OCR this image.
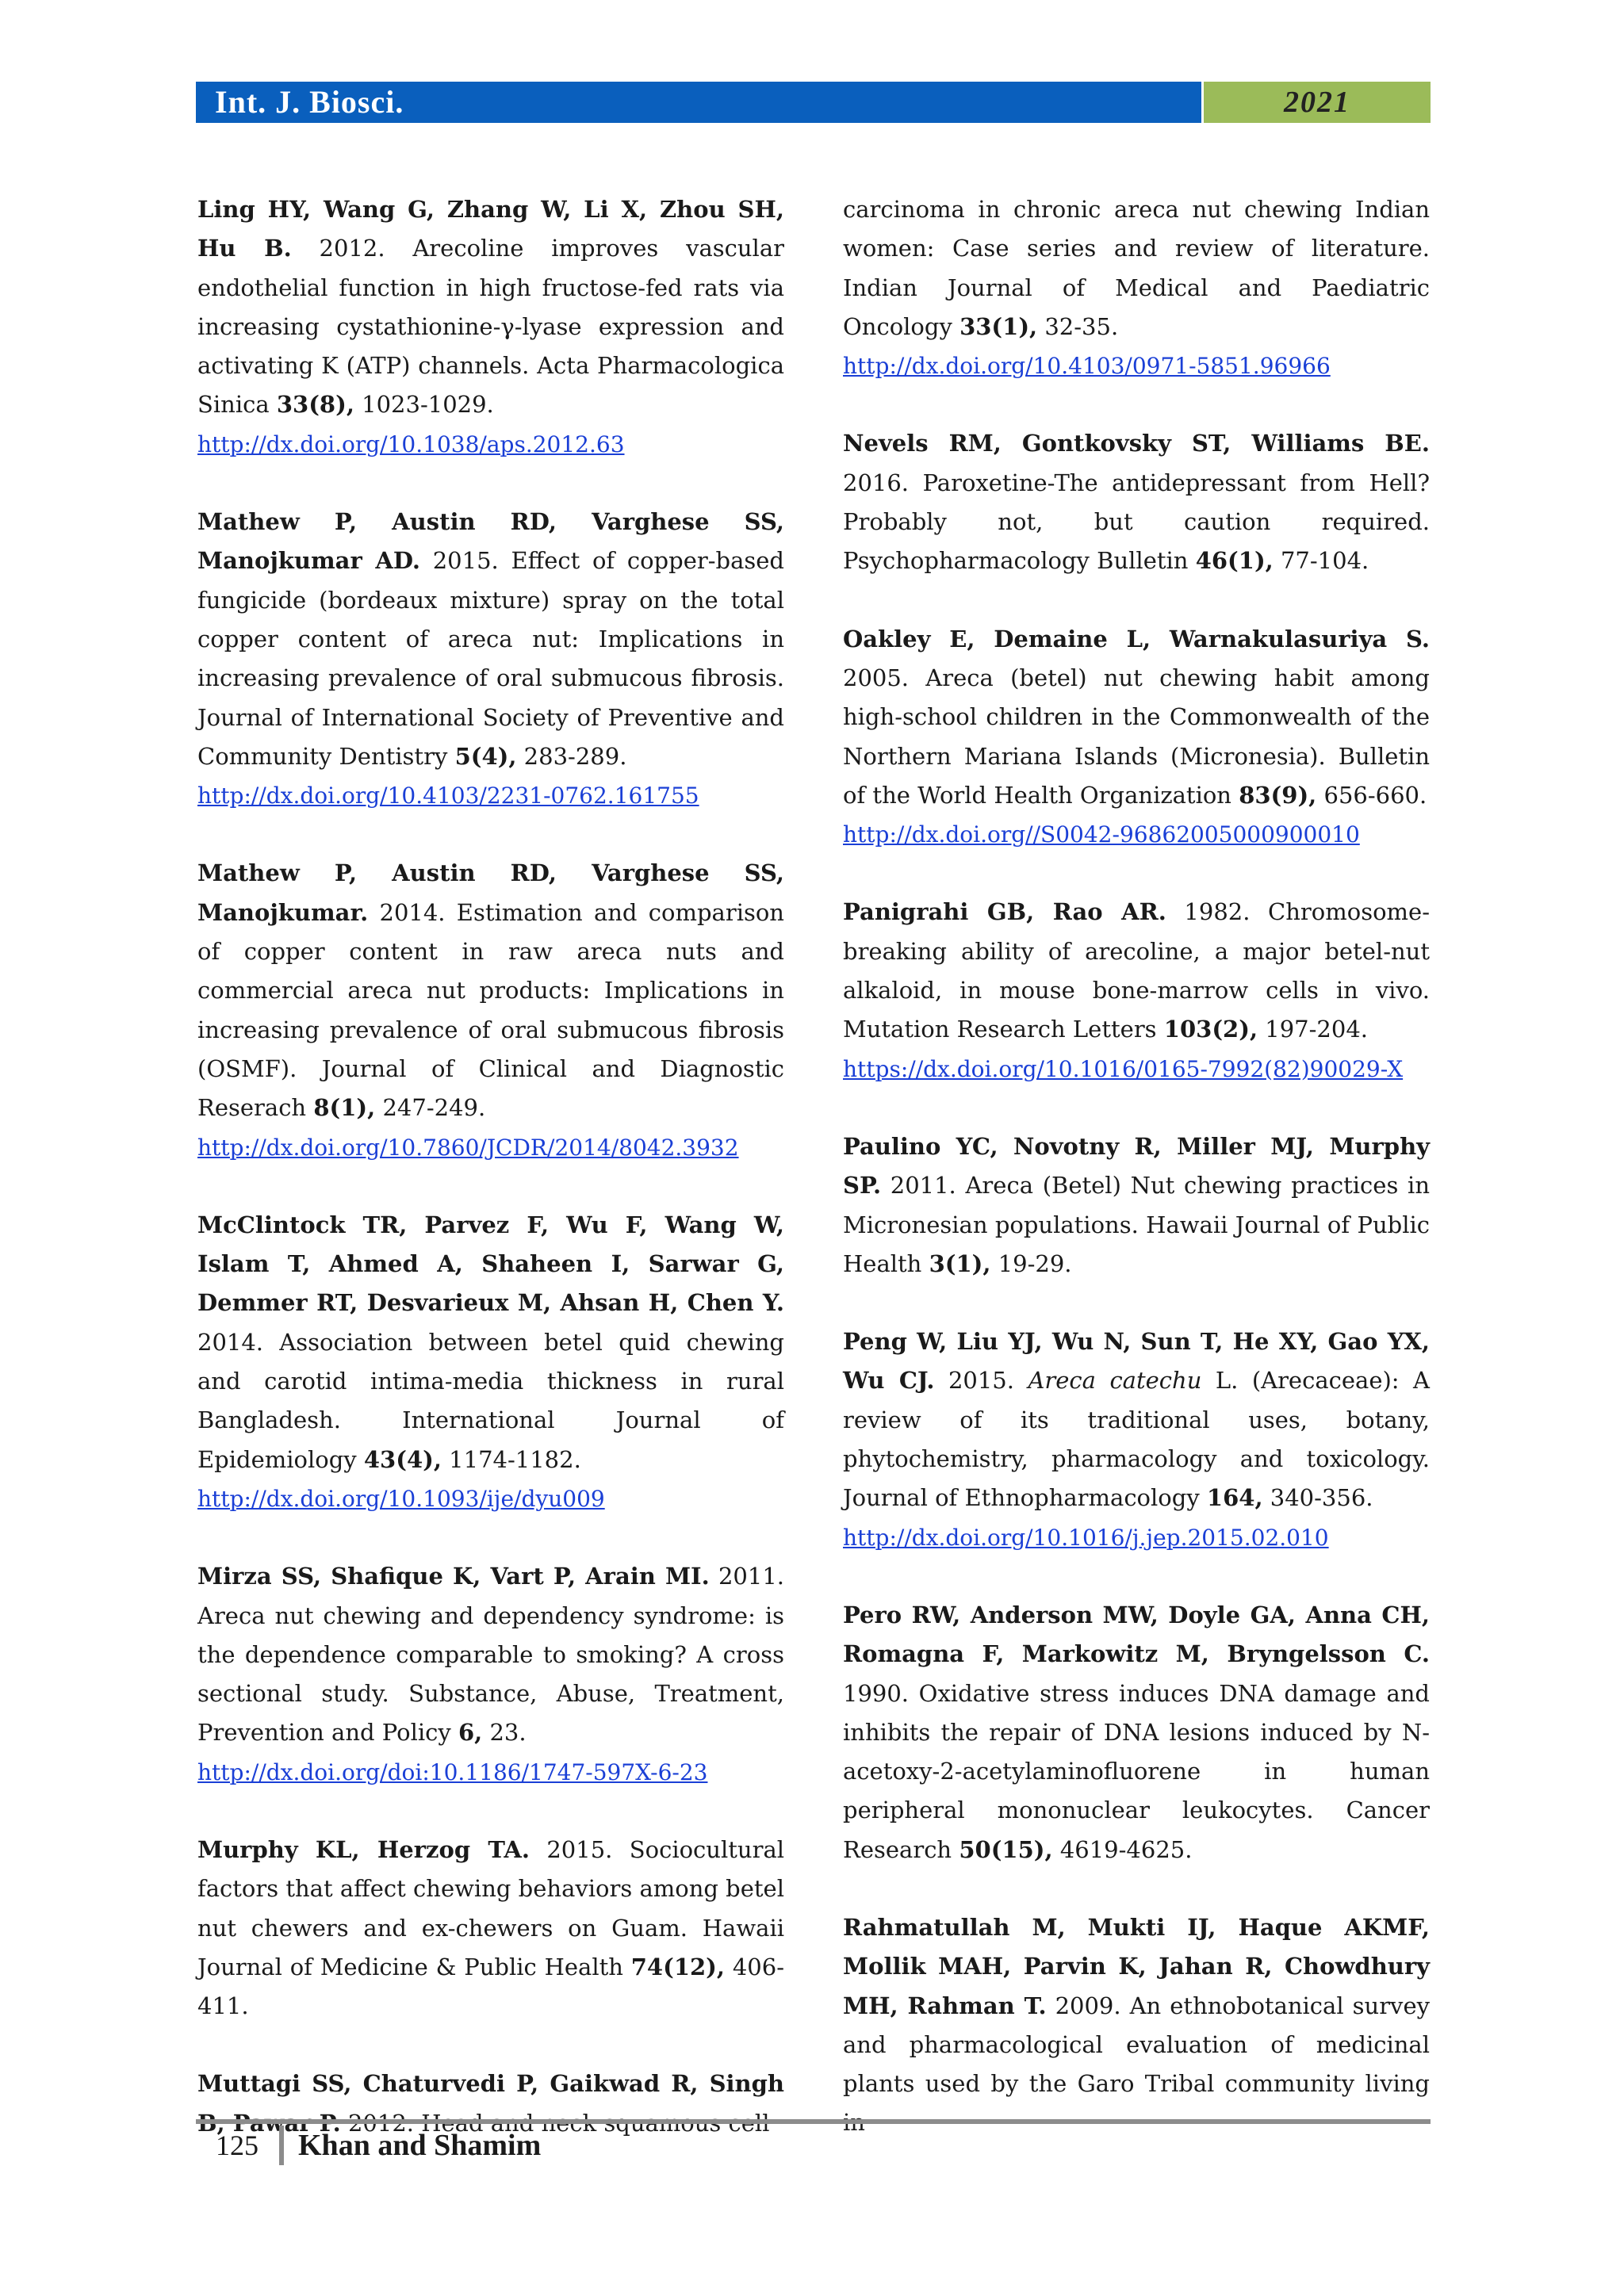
Int. J. Biosci.	2021

Ling HY, Wang G, Zhang W, Li X, Zhou SH, Hu B. 2012. Arecoline improves vascular endothelial function in high fructose-fed rats via increasing cystathionine-γ-lyase expression and activating K (ATP) channels. Acta Pharmacologica Sinica 33(8), 1023-1029.

http://dx.doi.org/10.1038/aps.2012.63

Mathew P, Austin RD, Varghese SS, Manojkumar AD. 2015. Effect of copper-based fungicide (bordeaux mixture) spray on the total copper content of areca nut: Implications in increasing prevalence of oral submucous fibrosis. Journal of International Society of Preventive and Community Dentistry 5(4), 283-289.

http://dx.doi.org/10.4103/2231-0762.161755

Mathew P, Austin RD, Varghese SS, Manojkumar. 2014. Estimation and comparison of copper content in raw areca nuts and commercial areca nut products: Implications in increasing prevalence of oral submucous fibrosis (OSMF). Journal of Clinical and Diagnostic Reserach 8(1), 247-249.

http://dx.doi.org/10.7860/JCDR/2014/8042.3932

McClintock TR, Parvez F, Wu F, Wang W, Islam T, Ahmed A, Shaheen I, Sarwar G, Demmer RT, Desvarieux M, Ahsan H, Chen Y. 2014. Association between betel quid chewing and carotid intima-media thickness in rural Bangladesh. International Journal of Epidemiology 43(4), 1174-1182.

http://dx.doi.org/10.1093/ije/dyu009

Mirza SS, Shafique K, Vart P, Arain MI. 2011. Areca nut chewing and dependency syndrome: is the dependence comparable to smoking? A cross sectional study. Substance, Abuse, Treatment, Prevention and Policy 6, 23.

http://dx.doi.org/doi:10.1186/1747-597X-6-23

Murphy KL, Herzog TA. 2015. Sociocultural factors that affect chewing behaviors among betel nut chewers and ex-chewers on Guam. Hawaii Journal of Medicine & Public Health 74(12), 406-411.

Muttagi SS, Chaturvedi P, Gaikwad R, Singh

carcinoma in chronic areca nut chewing Indian women: Case series and review of literature. Indian Journal of Medical and Paediatric Oncology 33(1), 32-35.

http://dx.doi.org/10.4103/0971-5851.96966

Nevels RM, Gontkovsky ST, Williams BE. 2016. Paroxetine-The antidepressant from Hell? Probably not, but caution required. Psychopharmacology Bulletin 46(1), 77-104.

Oakley E, Demaine L, Warnakulasuriya S. 2005. Areca (betel) nut chewing habit among high-school children in the Commonwealth of the Northern Mariana Islands (Micronesia). Bulletin of the World Health Organization 83(9), 656-660.

http://dx.doi.org//S0042-96862005000900010

Panigrahi GB, Rao AR. 1982. Chromosome-breaking ability of arecoline, a major betel-nut alkaloid, in mouse bone-marrow cells in vivo. Mutation Research Letters 103(2), 197-204.

https://dx.doi.org/10.1016/0165-7992(82)90029-X

Paulino YC, Novotny R, Miller MJ, Murphy SP. 2011. Areca (Betel) Nut chewing practices in Micronesian populations. Hawaii Journal of Public Health 3(1), 19-29.

Peng W, Liu YJ, Wu N, Sun T, He XY, Gao YX, Wu CJ. 2015. Areca catechu L. (Arecaceae): A review of its traditional uses, botany, phytochemistry, pharmacology and toxicology. Journal of Ethnopharmacology 164, 340-356.

http://dx.doi.org/10.1016/j.jep.2015.02.010

Pero RW, Anderson MW, Doyle GA, Anna CH, Romagna F, Markowitz M, Bryngelsson C. 1990. Oxidative stress induces DNA damage and inhibits the repair of DNA lesions induced by N-acetoxy-2-acetylaminofluorene in human peripheral mononuclear leukocytes. Cancer Research 50(15), 4619-4625.

Rahmatullah M, Mukti IJ, Haque AKMF, Mollik MAH, Parvin K, Jahan R, Chowdhury MH, Rahman T. 2009. An ethnobotanical survey and pharmacological evaluation of medicinal plants used by the Garo Tribal community living

125 Khan and Shamim
